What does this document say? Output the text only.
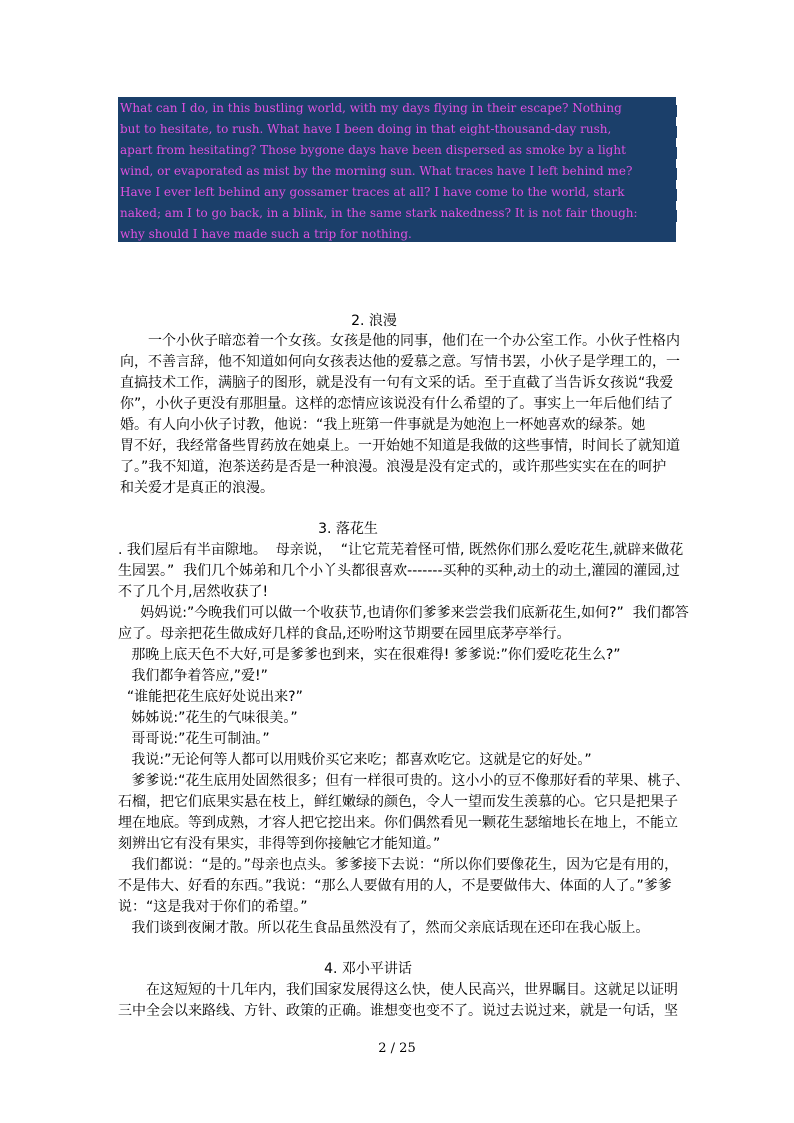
What can I do, in this bustling world, with my days flying in their escape? Nothing
but to hesitate, to rush. What have I been doing in that eight-thousand-day rush,
apart from hesitating? Those bygone days have been dispersed as smoke by a light
wind, or evaporated as mist by the morning sun. What traces have I left behind me?
Have I ever left behind any gossamer traces at all? I have come to the world, stark
naked; am I to go back, in a blink, in the same stark nakedness? It is not fair though:
why should I have made such a trip for nothing.
2. 浪漫
　　一个小伙子暗恋着一个女孩。女孩是他的同事，他们在一个办公室工作。小伙子性格内
向，不善言辞，他不知道如何向女孩表达他的爱慕之意。写情书罢，小伙子是学理工的，一
直搞技术工作，满脑子的图形，就是没有一句有文采的话。至于直截了当告诉女孩说“我爱
你”，小伙子更没有那胆量。这样的恋情应该说没有什么希望的了。事实上一年后他们结了
婚。有人向小伙子讨教，他说：“我上班第一件事就是为她泡上一杯她喜欢的绿茶。她
胃不好，我经常备些胃药放在她桌上。一开始她不知道是我做的这些事情，时间长了就知道
了。”我不知道，泡茶送药是否是一种浪漫。浪漫是没有定式的，或许那些实实在在的呵护
和关爱才是真正的浪漫。
3. 落花生
. 我们屋后有半亩隙地。  母亲说，  “让它荒芜着怪可惜, 既然你们那么爱吃花生,就辟来做花
生园罢。”  我们几个姊弟和几个小丫头都很喜欢-------买种的买种,动土的动土,灌园的灌园,过
不了几个月,居然收获了!
妈妈说:”今晚我们可以做一个收获节,也请你们爹爹来尝尝我们底新花生,如何?”  我们都答
应了。母亲把花生做成好几样的食品,还吩咐这节期要在园里底茅亭举行。
那晚上底天色不大好,可是爹爹也到来，实在很难得! 爹爹说:”你们爱吃花生么?”
我们都争着答应,”爱!”
“谁能把花生底好处说出来?”
姊姊说:”花生的气味很美。”
哥哥说:”花生可制油。”
我说:”无论何等人都可以用贱价买它来吃；都喜欢吃它。这就是它的好处。”
爹爹说:“花生底用处固然很多；但有一样很可贵的。这小小的豆不像那好看的苹果、桃子、
石榴，把它们底果实悬在枝上，鲜红嫩绿的颜色，令人一望而发生羡慕的心。它只是把果子
埋在地底。等到成熟，才容人把它挖出来。你们偶然看见一颗花生瑟缩地长在地上，不能立
刻辨出它有没有果实，非得等到你接触它才能知道。”
我们都说：“是的。”母亲也点头。爹爹接下去说：“所以你们要像花生，因为它是有用的，
不是伟大、好看的东西。”我说：“那么人要做有用的人，不是要做伟大、体面的人了。”爹爹
说：“这是我对于你们的希望。”
我们谈到夜阑才散。所以花生食品虽然没有了，然而父亲底话现在还印在我心版上。
4. 邓小平讲话
　　在这短短的十几年内，我们国家发展得这么快，使人民高兴，世界瞩目。这就足以证明
三中全会以来路线、方针、政策的正确。谁想变也变不了。说过去说过来，就是一句话，坚
2 / 25
